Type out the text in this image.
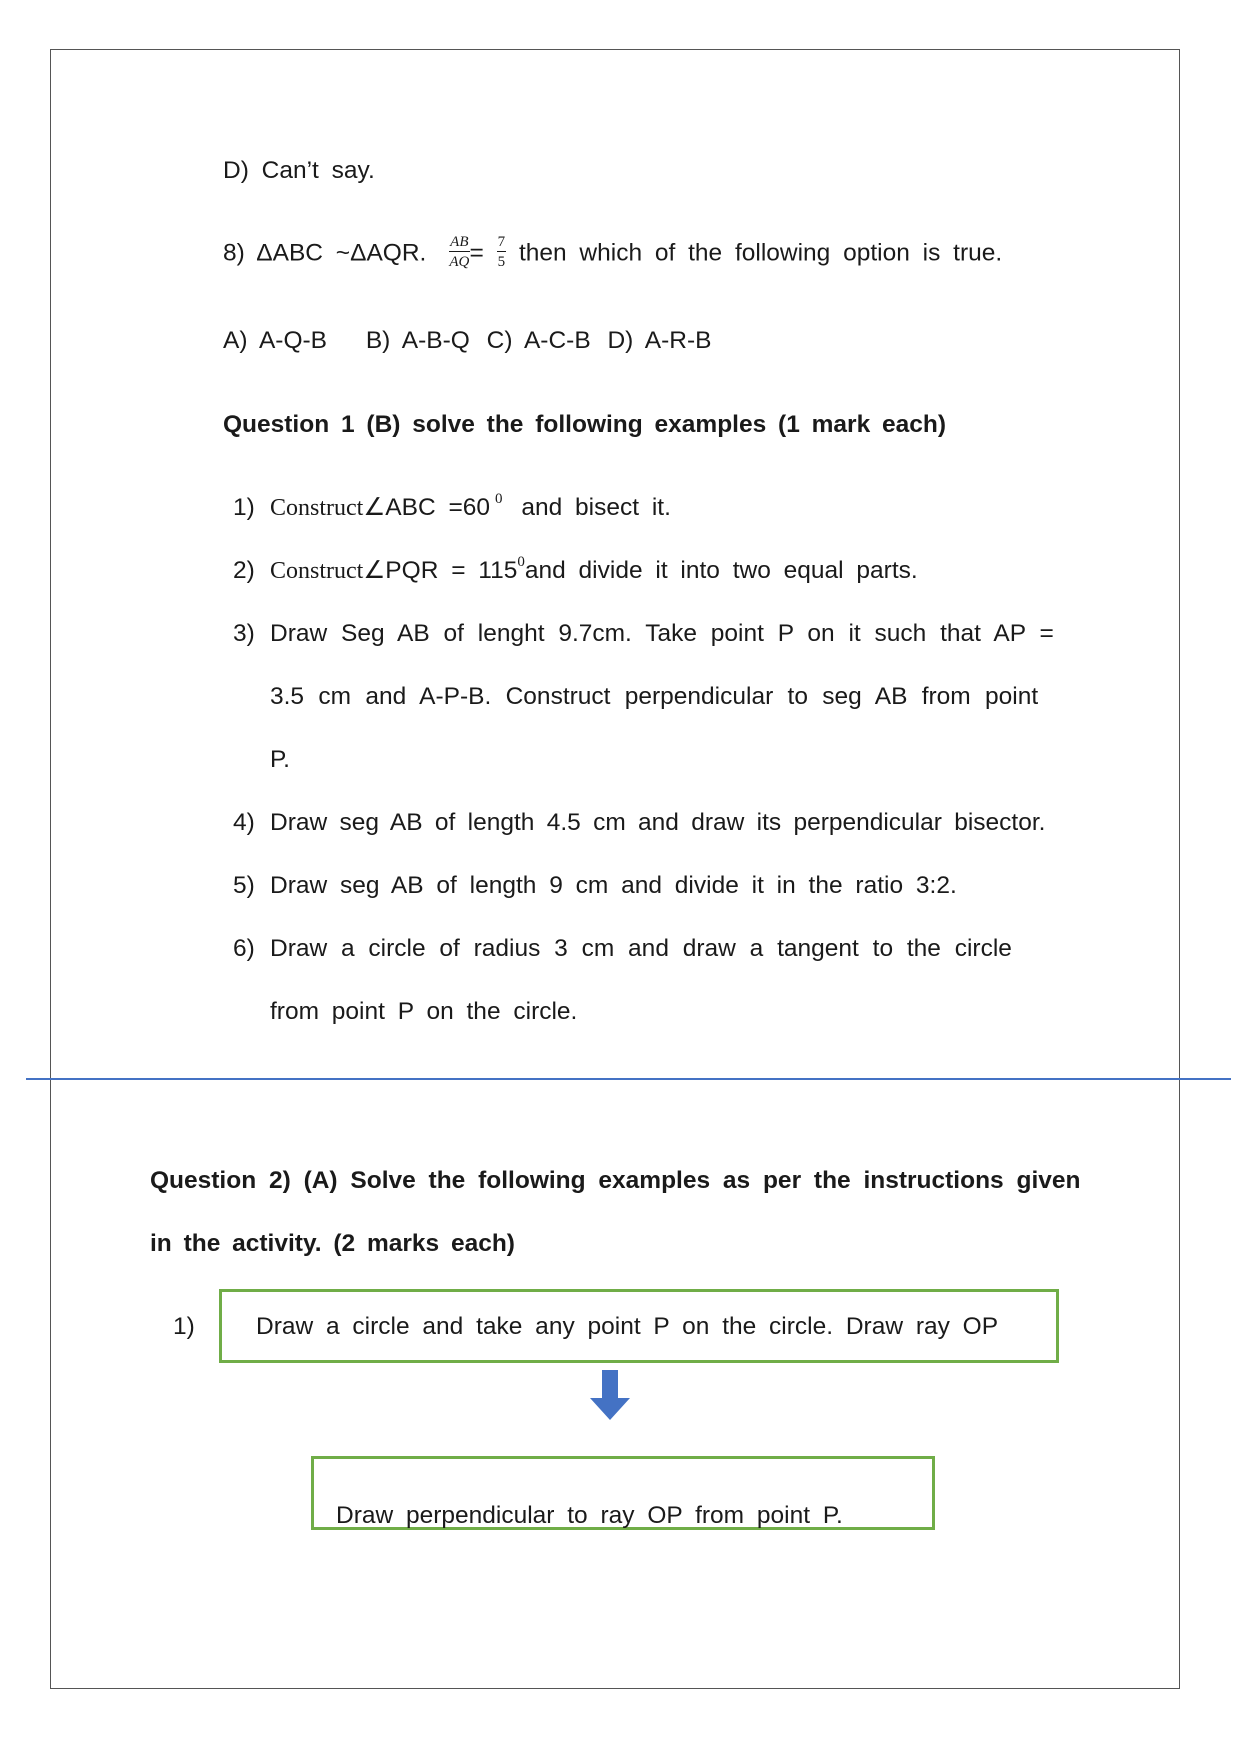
D) Can’t say.
8) ΔABC ~ΔAQR. $\frac{AB}{AQ} = \frac{7}{5}$ then which of the following option is true.
A) A-Q-B B) A-B-Q C) A-C-B D) A-R-B
Question 1 (B) solve the following examples (1 mark each)
1) Construct∠ABC =60 $^0$ and bisect it.
2) Construct∠PQR = $115^0and$ divide it into two equal parts.
3) Draw Seg AB of lenght 9.7cm. Take point P on it such that AP =
3.5 cm and A-P-B. Construct perpendicular to seg AB from point
P.
4) Draw seg AB of length 4.5 cm and draw its perpendicular bisector.
5) Draw seg AB of length 9 cm and divide it in the ratio 3:2.
6) Draw a circle of radius 3 cm and draw a tangent to the circle
from point P on the circle.
Question 2) (A) Solve the following examples as per the instructions given
in the activity. (2 marks each)
1) Draw a circle and take any point P on the circle. Draw ray OP
Draw perpendicular to ray OP from point P.
